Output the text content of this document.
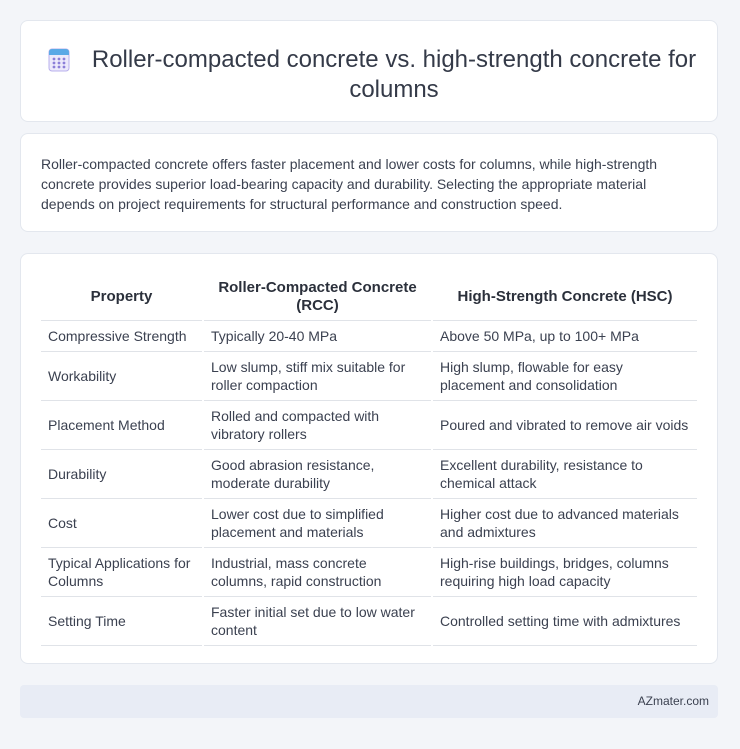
Roller-compacted concrete vs. high-strength concrete for columns

Roller-compacted concrete offers faster placement and lower costs for columns, while high-strength concrete provides superior load-bearing capacity and durability. Selecting the appropriate material depends on project requirements for structural performance and construction speed.

Property	Roller-Compacted Concrete (RCC)	High-Strength Concrete (HSC)
Compressive Strength	Typically 20-40 MPa	Above 50 MPa, up to 100+ MPa
Workability	Low slump, stiff mix suitable for roller compaction	High slump, flowable for easy placement and consolidation
Placement Method	Rolled and compacted with vibratory rollers	Poured and vibrated to remove air voids
Durability	Good abrasion resistance, moderate durability	Excellent durability, resistance to chemical attack
Cost	Lower cost due to simplified placement and materials	Higher cost due to advanced materials and admixtures
Typical Applications for Columns	Industrial, mass concrete columns, rapid construction	High-rise buildings, bridges, columns requiring high load capacity
Setting Time	Faster initial set due to low water content	Controlled setting time with admixtures
AZmater.com
